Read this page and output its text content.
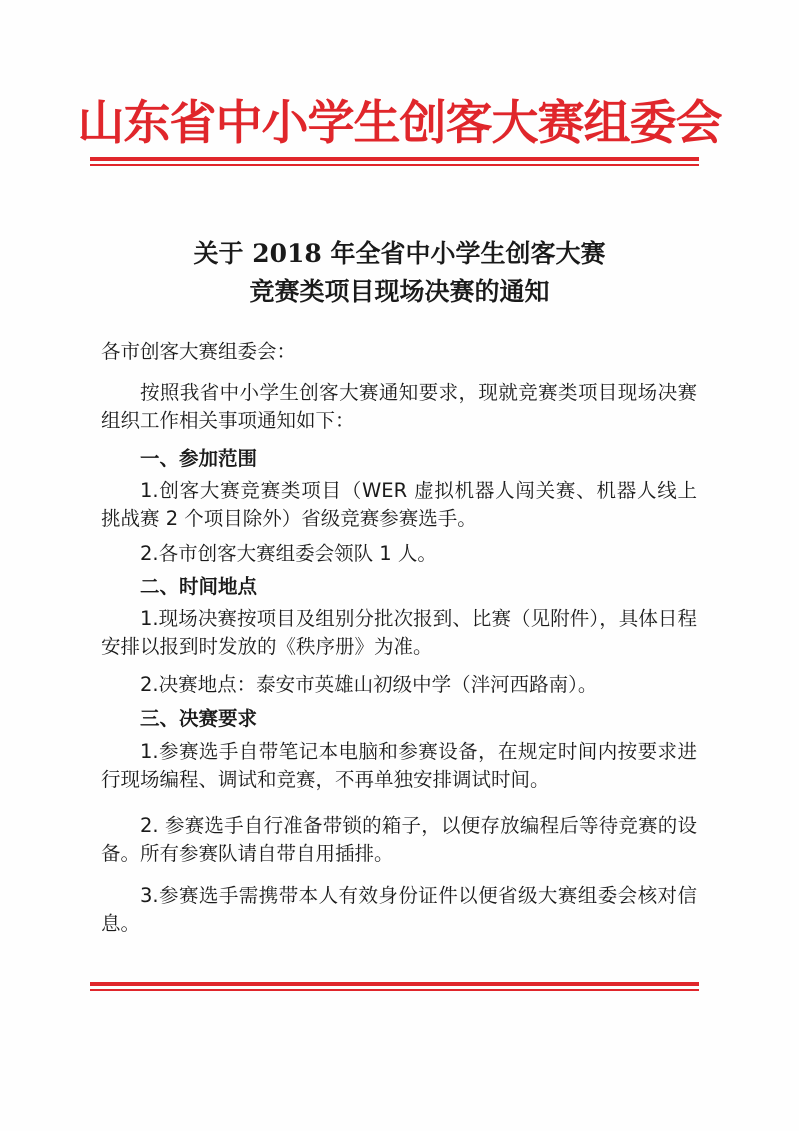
山东省中小学生创客大赛组委会
关于 2018 年全省中小学生创客大赛
竞赛类项目现场决赛的通知

各市创客大赛组委会：

按照我省中小学生创客大赛通知要求，现就竞赛类项目现场决赛组织工作相关事项通知如下：

一、参加范围

1.创客大赛竞赛类项目（WER 虚拟机器人闯关赛、机器人线上挑战赛 2 个项目除外）省级竞赛参赛选手。

2.各市创客大赛组委会领队 1 人。

二、时间地点

1.现场决赛按项目及组别分批次报到、比赛（见附件），具体日程安排以报到时发放的《秩序册》为准。

2.决赛地点：泰安市英雄山初级中学（泮河西路南）。

三、决赛要求

1.参赛选手自带笔记本电脑和参赛设备，在规定时间内按要求进行现场编程、调试和竞赛，不再单独安排调试时间。

2. 参赛选手自行准备带锁的箱子，以便存放编程后等待竞赛的设备。所有参赛队请自带自用插排。

3.参赛选手需携带本人有效身份证件以便省级大赛组委会核对信息。
